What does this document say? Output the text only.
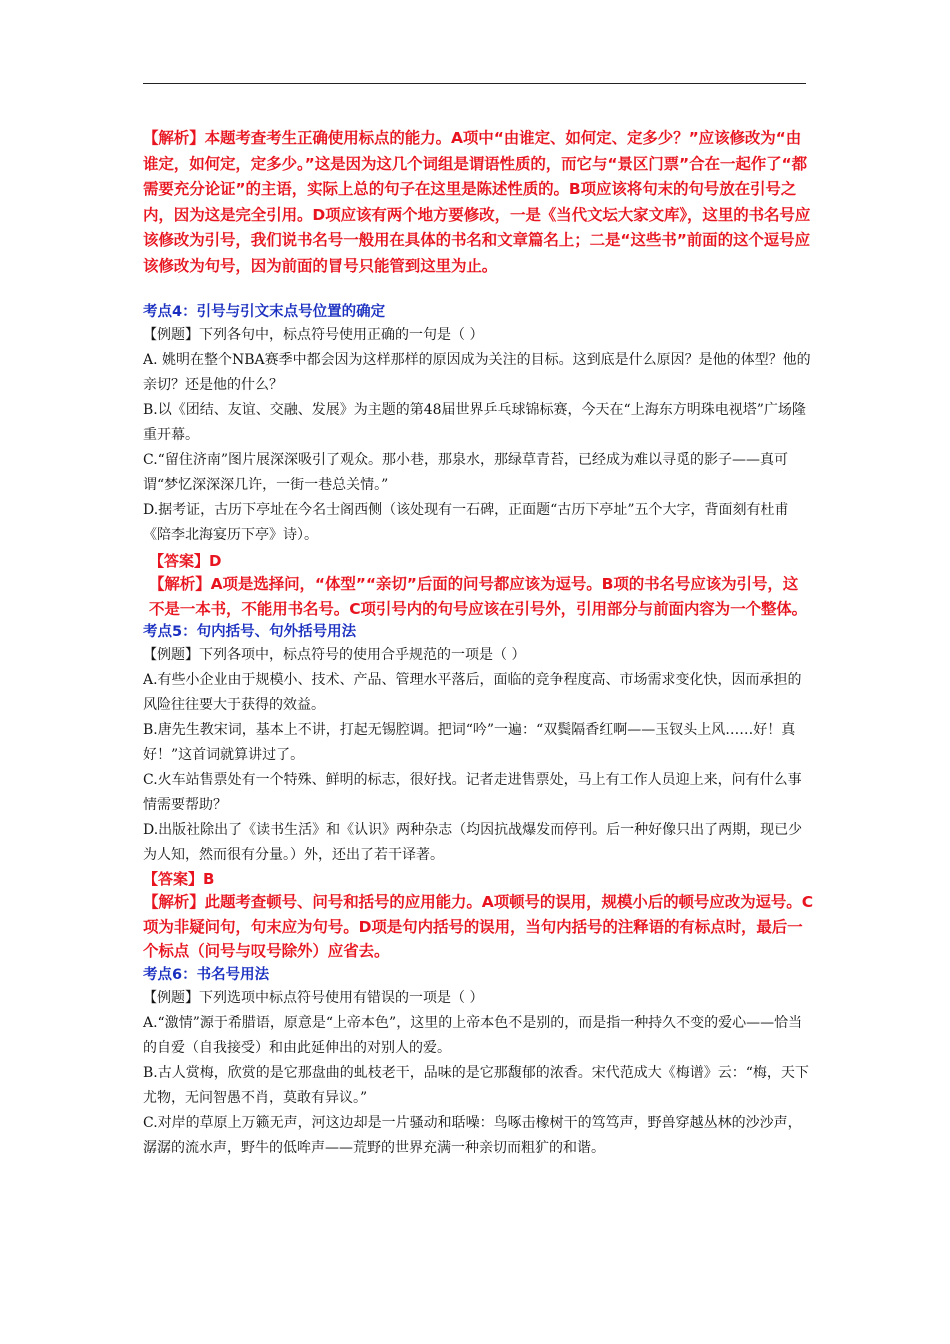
【解析】本题考查考生正确使用标点的能力。A项中“由谁定、如何定、定多少？”应该修改为“由谁定，如何定，定多少。”这是因为这几个词组是谓语性质的，而它与“景区门票”合在一起作了“都需要充分论证”的主语，实际上总的句子在这里是陈述性质的。B项应该将句末的句号放在引号之内，因为这是完全引用。D项应该有两个地方要修改，一是《当代文坛大家文库》，这里的书名号应该修改为引号，我们说书名号一般用在具体的书名和文章篇名上；二是“这些书”前面的这个逗号应该修改为句号，因为前面的冒号只能管到这里为止。
考点4：引号与引文末点号位置的确定
【例题】下列各句中，标点符号使用正确的一句是（ ）
A. 姚明在整个NBA赛季中都会因为这样那样的原因成为关注的目标。这到底是什么原因？是他的体型？他的亲切？还是他的什么？
B.以《团结、友谊、交融、发展》为主题的第48届世界乒乓球锦标赛，今天在“上海东方明珠电视塔”广场隆重开幕。
C.“留住济南”图片展深深吸引了观众。那小巷，那泉水，那绿草青苔，已经成为难以寻觅的影子——真可谓“梦忆深深深几许，一街一巷总关情。”
D.据考证，古历下亭址在今名士阁西侧（该处现有一石碑，正面题“古历下亭址”五个大字，背面刻有杜甫《陪李北海宴历下亭》诗）。
【答案】D
【解析】A项是选择问，“体型”“亲切”后面的问号都应该为逗号。B项的书名号应该为引号，这不是一本书，不能用书名号。C项引号内的句号应该在引号外，引用部分与前面内容为一个整体。
考点5：句内括号、句外括号用法
【例题】下列各项中，标点符号的使用合乎规范的一项是（ ）
A.有些小企业由于规模小、技术、产品、管理水平落后，面临的竞争程度高、市场需求变化快，因而承担的风险往往要大于获得的效益。
B.唐先生教宋词，基本上不讲，打起无锡腔调。把词“吟”一遍：“双鬓隔香红啊——玉钗头上风……好！真好！”这首词就算讲过了。
C.火车站售票处有一个特殊、鲜明的标志，很好找。记者走进售票处，马上有工作人员迎上来，问有什么事情需要帮助？
D.出版社除出了《读书生活》和《认识》两种杂志（均因抗战爆发而停刊。后一种好像只出了两期，现已少为人知，然而很有分量。）外，还出了若干译著。
【答案】B
【解析】此题考查顿号、问号和括号的应用能力。A项顿号的误用，规模小后的顿号应改为逗号。C项为非疑问句，句末应为句号。D项是句内括号的误用，当句内括号的注释语的有标点时，最后一个标点（问号与叹号除外）应省去。
考点6：书名号用法
【例题】下列选项中标点符号使用有错误的一项是（ ）
A.“激情”源于希腊语，原意是“上帝本色”，这里的上帝本色不是别的，而是指一种持久不变的爱心——恰当的自爱（自我接受）和由此延伸出的对别人的爱。
B.古人赏梅，欣赏的是它那盘曲的虬枝老干，品味的是它那馥郁的浓香。宋代范成大《梅谱》云：“梅，天下尤物，无问智愚不肖，莫敢有异议。”
C.对岸的草原上万籁无声，河这边却是一片骚动和聒噪：鸟啄击橡树干的笃笃声，野兽穿越丛林的沙沙声，潺潺的流水声，野牛的低哞声——荒野的世界充满一种亲切而粗犷的和谐。
